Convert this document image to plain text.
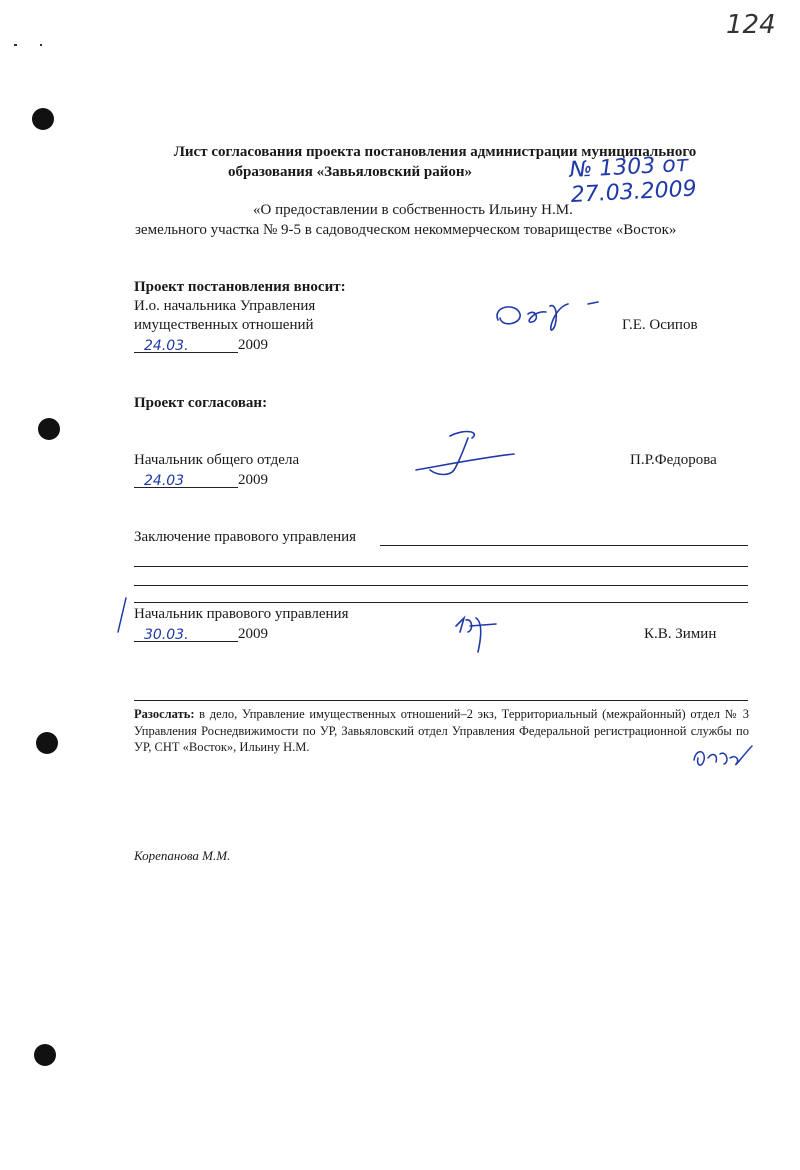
124
Лист согласования проекта постановления администрации муниципального
образования «Завьяловский район»	№ 1303 от 27.03.2009
«О предоставлении в собственность Ильину Н.М.
земельного участка № 9-5 в садоводческом некоммерческом товариществе «Восток»
Проект постановления вносит:
И.о. начальника Управления
имущественных отношений	Г.Е. Осипов
24.03.	2009
Проект согласован:
Начальник общего отдела	П.Р.Федорова
24.03	2009
Заключение правового управления
Начальник правового управления
К.В. Зимин
30.03.	2009
Разослать: в дело, Управление имущественных отношений–2 экз, Территориальный (межрайонный) отдел № 3 Управления Роснедвижимости по УР, Завьяловский отдел Управления Федеральной регистрационной службы по УР, СНТ «Восток», Ильину Н.М.
Корепанова М.М.
